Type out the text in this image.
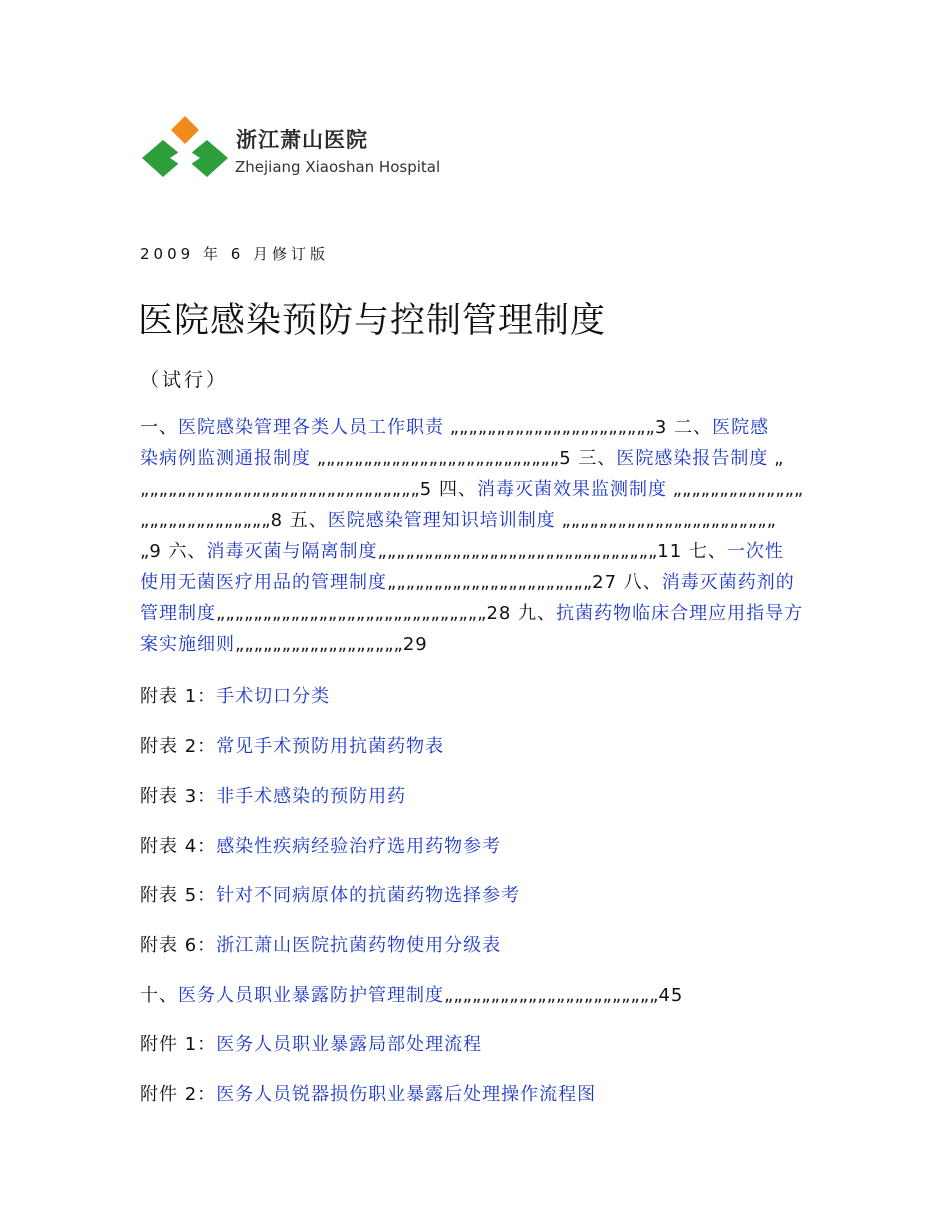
浙江萧山医院
Zhejiang Xiaoshan Hospital
2009 年 6 月修订版
医院感染预防与控制管理制度
（试行）
一、医院感染管理各类人员工作职责 „„„„„„„„„„„„„„„„„„„„„„3 二、医院感
染病例监测通报制度 „„„„„„„„„„„„„„„„„„„„„„„„„„5 三、医院感染报告制度 „
„„„„„„„„„„„„„„„„„„„„„„„„„„„„„„5 四、消毒灭菌效果监测制度 „„„„„„„„„„„„„„
„„„„„„„„„„„„„„8 五、医院感染管理知识培训制度 „„„„„„„„„„„„„„„„„„„„„„„
„9 六、消毒灭菌与隔离制度„„„„„„„„„„„„„„„„„„„„„„„„„„„„„„11 七、一次性
使用无菌医疗用品的管理制度„„„„„„„„„„„„„„„„„„„„„„27 八、消毒灭菌药剂的
管理制度„„„„„„„„„„„„„„„„„„„„„„„„„„„„„28 九、抗菌药物临床合理应用指导方
案实施细则„„„„„„„„„„„„„„„„„„29
附表 1：手术切口分类
附表 2：常见手术预防用抗菌药物表
附表 3：非手术感染的预防用药
附表 4：感染性疾病经验治疗选用药物参考
附表 5：针对不同病原体的抗菌药物选择参考
附表 6：浙江萧山医院抗菌药物使用分级表
十、医务人员职业暴露防护管理制度„„„„„„„„„„„„„„„„„„„„„„„45
附件 1：医务人员职业暴露局部处理流程
附件 2：医务人员锐器损伤职业暴露后处理操作流程图
